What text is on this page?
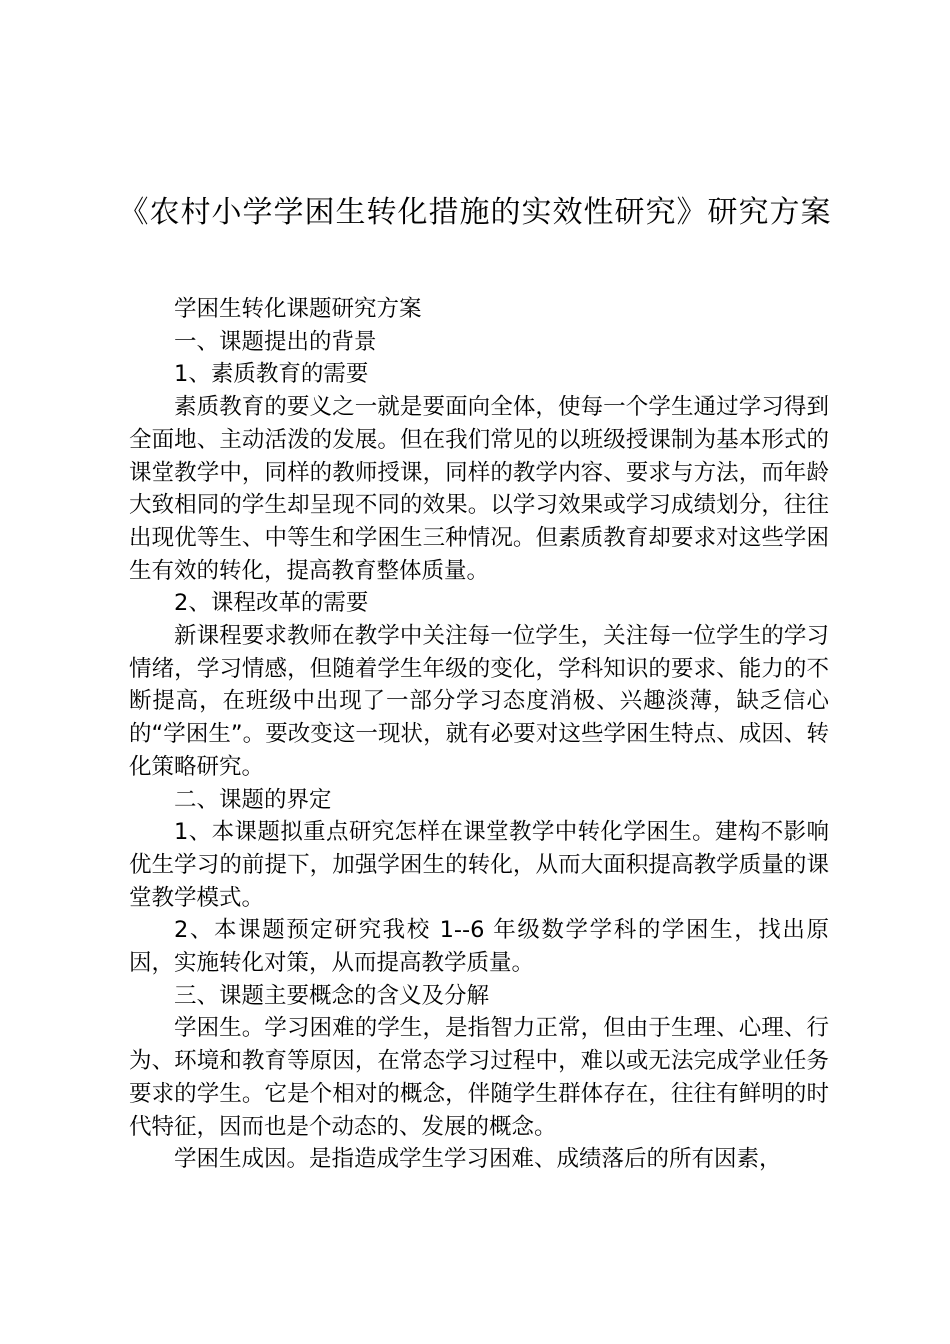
《农村小学学困生转化措施的实效性研究》研究方案

学困生转化课题研究方案

一、课题提出的背景

1、素质教育的需要

素质教育的要义之一就是要面向全体，使每一个学生通过学习得到全面地、主动活泼的发展。但在我们常见的以班级授课制为基本形式的课堂教学中，同样的教师授课，同样的教学内容、要求与方法，而年龄大致相同的学生却呈现不同的效果。以学习效果或学习成绩划分，往往出现优等生、中等生和学困生三种情况。但素质教育却要求对这些学困生有效的转化，提高教育整体质量。

2、课程改革的需要

新课程要求教师在教学中关注每一位学生，关注每一位学生的学习情绪，学习情感，但随着学生年级的变化，学科知识的要求、能力的不断提高，在班级中出现了一部分学习态度消极、兴趣淡薄，缺乏信心的“学困生”。要改变这一现状，就有必要对这些学困生特点、成因、转化策略研究。

二、课题的界定

1、本课题拟重点研究怎样在课堂教学中转化学困生。建构不影响优生学习的前提下，加强学困生的转化，从而大面积提高教学质量的课堂教学模式。

2、本课题预定研究我校 1--6 年级数学学科的学困生，找出原因，实施转化对策，从而提高教学质量。

三、课题主要概念的含义及分解

学困生。学习困难的学生，是指智力正常，但由于生理、心理、行为、环境和教育等原因，在常态学习过程中，难以或无法完成学业任务要求的学生。它是个相对的概念，伴随学生群体存在，往往有鲜明的时代特征，因而也是个动态的、发展的概念。

学困生成因。是指造成学生学习困难、成绩落后的所有因素，
